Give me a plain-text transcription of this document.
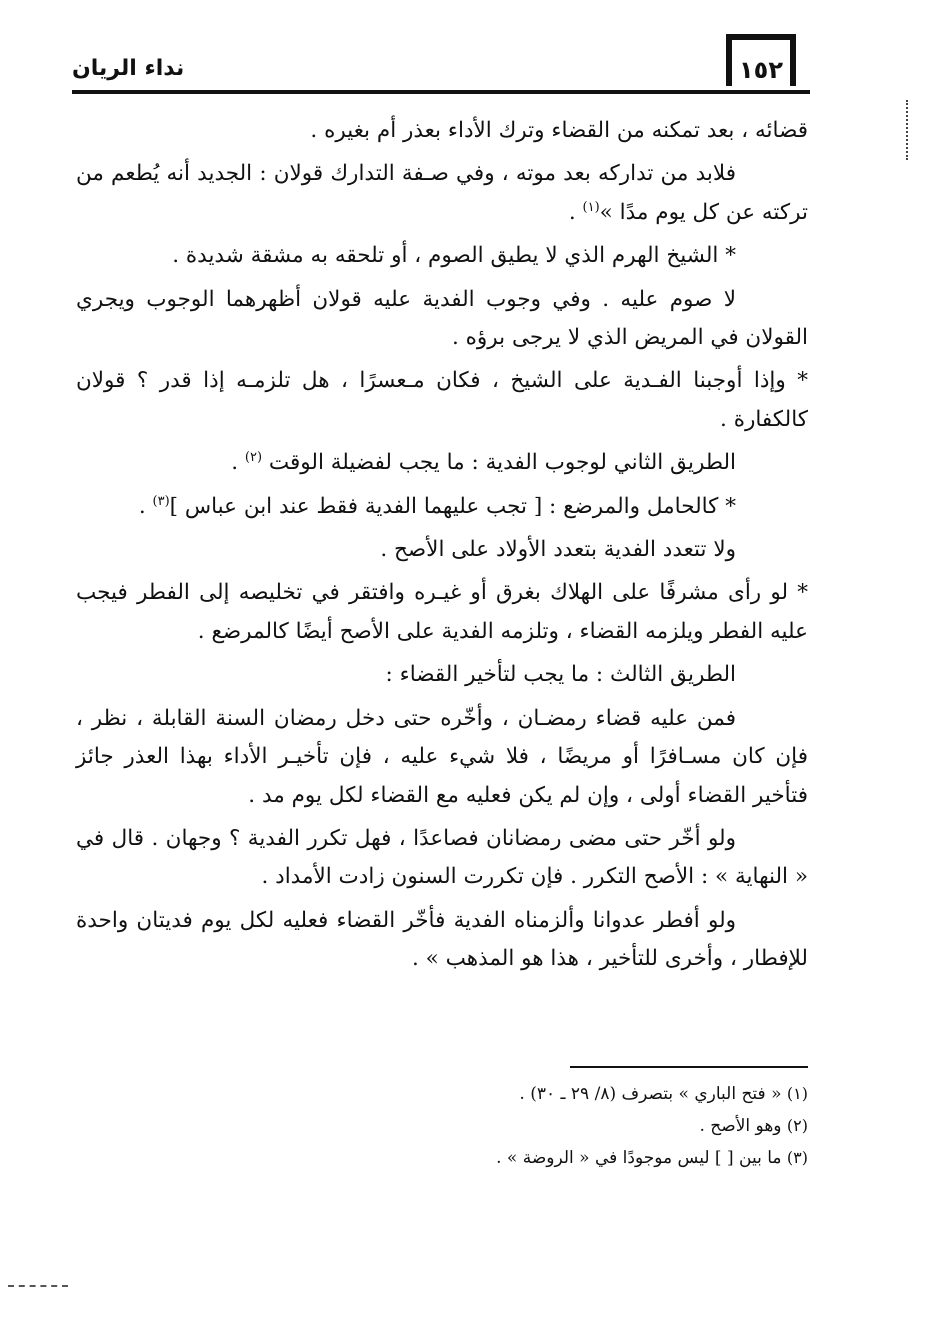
نداء الريان	١٥٢

قضائه ، بعد تمكنه من القضاء وترك الأداء بعذر أم بغيره .

فلابد من تداركه بعد موته ، وفي صـفة التدارك قولان : الجديد أنه يُطعم من تركته عن كل يوم مدًا »$^{(١)}$ .

* الشيخ الهرم الذي لا يطيق الصوم ، أو تلحقه به مشقة شديدة .

لا صوم عليه . وفي وجوب الفدية عليه قولان أظهرهما الوجوب ويجري القولان في المريض الذي لا يرجى برؤه .

* وإذا أوجبنا الفـدية على الشيخ ، فكان مـعسرًا ، هل تلزمـه إذا قدر ؟ قولان كالكفارة .

الطريق الثاني لوجوب الفدية : ما يجب لفضيلة الوقت $^{(٢)}$ .

* كالحامل والمرضع : [ تجب عليهما الفدية فقط عند ابن عباس ]$^{(٣)}$ .

ولا تتعدد الفدية بتعدد الأولاد على الأصح .

* لو رأى مشرفًا على الهلاك بغرق أو غيـره وافتقر في تخليصه إلى الفطر فيجب عليه الفطر ويلزمه القضاء ، وتلزمه الفدية على الأصح أيضًا كالمرضع .

الطريق الثالث : ما يجب لتأخير القضاء :

فمن عليه قضاء رمضـان ، وأخّره حتى دخل رمضان السنة القابلة ، نظر ، فإن كان مسـافرًا أو مريضًا ، فلا شيء عليه ، فإن تأخيـر الأداء بهذا العذر جائز فتأخير القضاء أولى ، وإن لم يكن فعليه مع القضاء لكل يوم مد .

ولو أخّر حتى مضى رمضانان فصاعدًا ، فهل تكرر الفدية ؟ وجهان . قال في « النهاية » : الأصح التكرر . فإن تكررت السنون زادت الأمداد .

ولو أفطر عدوانا وألزمناه الفدية فأخّر القضاء فعليه لكل يوم فديتان واحدة للإفطار ، وأخرى للتأخير ، هذا هو المذهب » .

(١) « فتح الباري » بتصرف (٨/ ٢٩ ـ ٣٠) .

(٢) وهو الأصح .

(٣) ما بين [ ] ليس موجودًا في « الروضة » .
